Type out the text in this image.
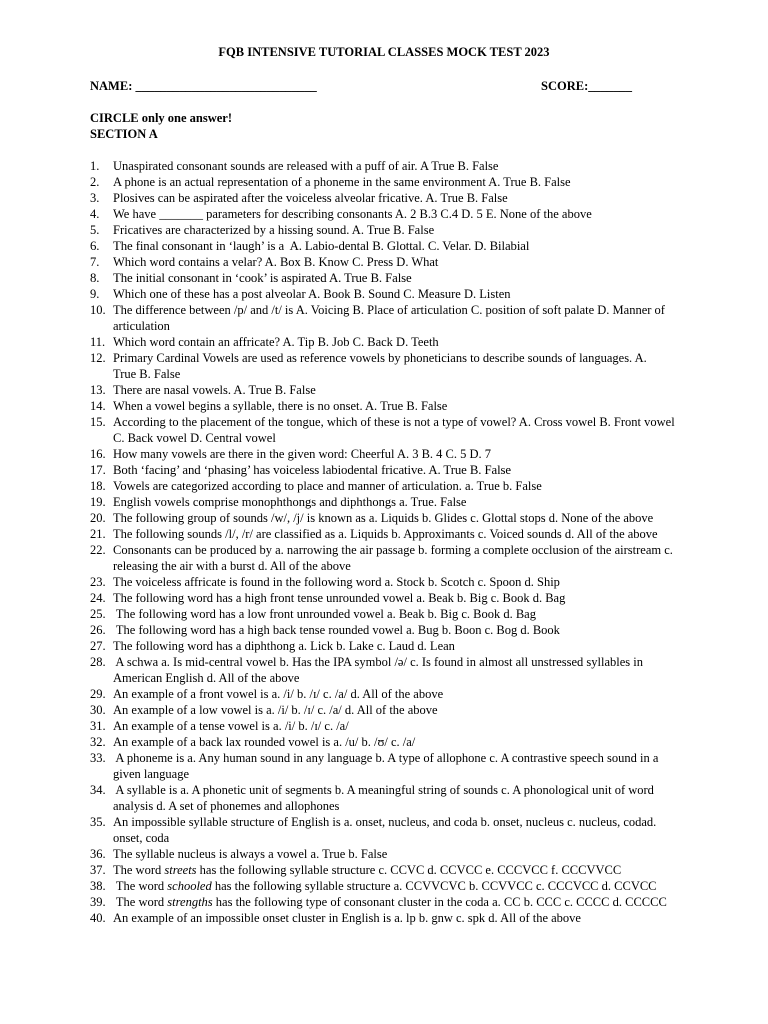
FQB INTENSIVE TUTORIAL CLASSES MOCK TEST 2023
NAME: _____________________________	SCORE:_______
CIRCLE only one answer!
SECTION A
1.	Unaspirated consonant sounds are released with a puff of air. A True B. False
2.	A phone is an actual representation of a phoneme in the same environment A. True B. False
3.	Plosives can be aspirated after the voiceless alveolar fricative. A. True B. False
4.	We have _______ parameters for describing consonants A. 2 B.3 C.4 D. 5 E. None of the above
5.	Fricatives are characterized by a hissing sound. A. True B. False
6.	The final consonant in ‘laugh’ is a  A. Labio-dental B. Glottal. C. Velar. D. Bilabial
7.	Which word contains a velar? A. Box B. Know C. Press D. What
8.	The initial consonant in ‘cook’ is aspirated A. True B. False
9.	Which one of these has a post alveolar A. Book B. Sound C. Measure D. Listen
10. The difference between /p/ and /t/ is A. Voicing B. Place of articulation C. position of soft palate D. Manner of
articulation
11. Which word contain an affricate? A. Tip B. Job C. Back D. Teeth
12. Primary Cardinal Vowels are used as reference vowels by phoneticians to describe sounds of languages. A.
True B. False
13. There are nasal vowels. A. True B. False
14. When a vowel begins a syllable, there is no onset. A. True B. False
15. According to the placement of the tongue, which of these is not a type of vowel? A. Cross vowel B. Front vowel
C. Back vowel D. Central vowel
16. How many vowels are there in the given word: Cheerful A. 3 B. 4 C. 5 D. 7
17. Both ‘facing’ and ‘phasing’ has voiceless labiodental fricative. A. True B. False
18. Vowels are categorized according to place and manner of articulation. a. True b. False
19. English vowels comprise monophthongs and diphthongs a. True. False
20. The following group of sounds /w/, /j/ is known as a. Liquids b. Glides c. Glottal stops d. None of the above
21. The following sounds /l/, /r/ are classified as a. Liquids b. Approximants c. Voiced sounds d. All of the above
22. Consonants can be produced by a. narrowing the air passage b. forming a complete occlusion of the airstream c.
releasing the air with a burst d. All of the above
23. The voiceless affricate is found in the following word a. Stock b. Scotch c. Spoon d. Ship
24. The following word has a high front tense unrounded vowel a. Beak b. Big c. Book d. Bag
25. The following word has a low front unrounded vowel a. Beak b. Big c. Book d. Bag
26. The following word has a high back tense rounded vowel a. Bug b. Boon c. Bog d. Book
27. The following word has a diphthong a. Lick b. Lake c. Laud d. Lean
28. A schwa a. Is mid-central vowel b. Has the IPA symbol /ə/ c. Is found in almost all unstressed syllables in
American English d. All of the above
29. An example of a front vowel is a. /i/ b. /ɪ/ c. /a/ d. All of the above
30. An example of a low vowel is a. /i/ b. /ɪ/ c. /a/ d. All of the above
31. An example of a tense vowel is a. /i/ b. /ɪ/ c. /a/
32. An example of a back lax rounded vowel is a. /u/ b. /ʊ/ c. /a/
33. A phoneme is a. Any human sound in any language b. A type of allophone c. A contrastive speech sound in a
given language
34. A syllable is a. A phonetic unit of segments b. A meaningful string of sounds c. A phonological unit of word
analysis d. A set of phonemes and allophones
35. An impossible syllable structure of English is a. onset, nucleus, and coda b. onset, nucleus c. nucleus, codad.
onset, coda
36. The syllable nucleus is always a vowel a. True b. False
37. The word streets has the following syllable structure c. CCVC d. CCVCC e. CCCVCC f. CCCVVCC
38. The word schooled has the following syllable structure a. CCVVCVC b. CCVVCC c. CCCVCC d. CCVCC
39. The word strengths has the following type of consonant cluster in the coda a. CC b. CCC c. CCCC d. CCCCC
40. An example of an impossible onset cluster in English is a. lp b. gnw c. spk d. All of the above
